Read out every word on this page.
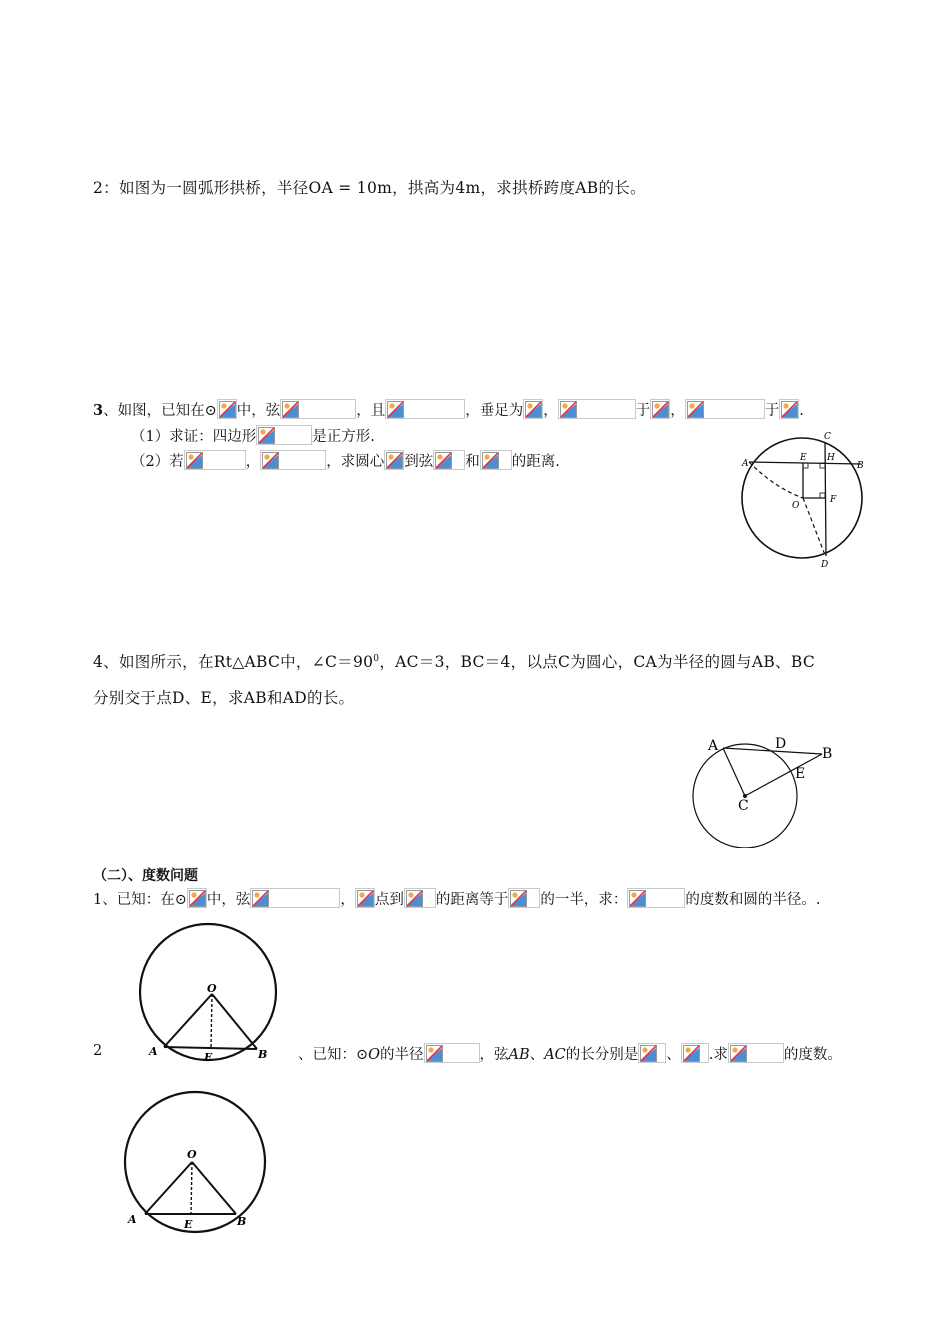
2：如图为一圆弧形拱桥，半径OA = 10m，拱高为4m，求拱桥跨度AB的长。
3、如图，已知在⊙ 中，弦	，且	，垂足为 ，	于 ，	于 .
（1）求证：四边形	是正方形.
（2）若	，	，求圆心 到弦 和 的距离.	A	B
C
D
E
F
H
O
4、如图所示，在Rt△ABC中，$\angle C=90^0$，AC＝3，BC＝4，以点C为圆心，CA为半径的圆与AB、BC
分别交于点D、E，求AB和AD的长。
A	D
B
E
C
（二）、度数问题
1、已知：在⊙ 中，弦	， 点到 的距离等于 的一半，求：	的度数和圆的半径。.
O
A	B
E
2	、已知：⊙O的半径	，弦AB、AC的长分别是 、 .求	的度数。
O
A	B
E
